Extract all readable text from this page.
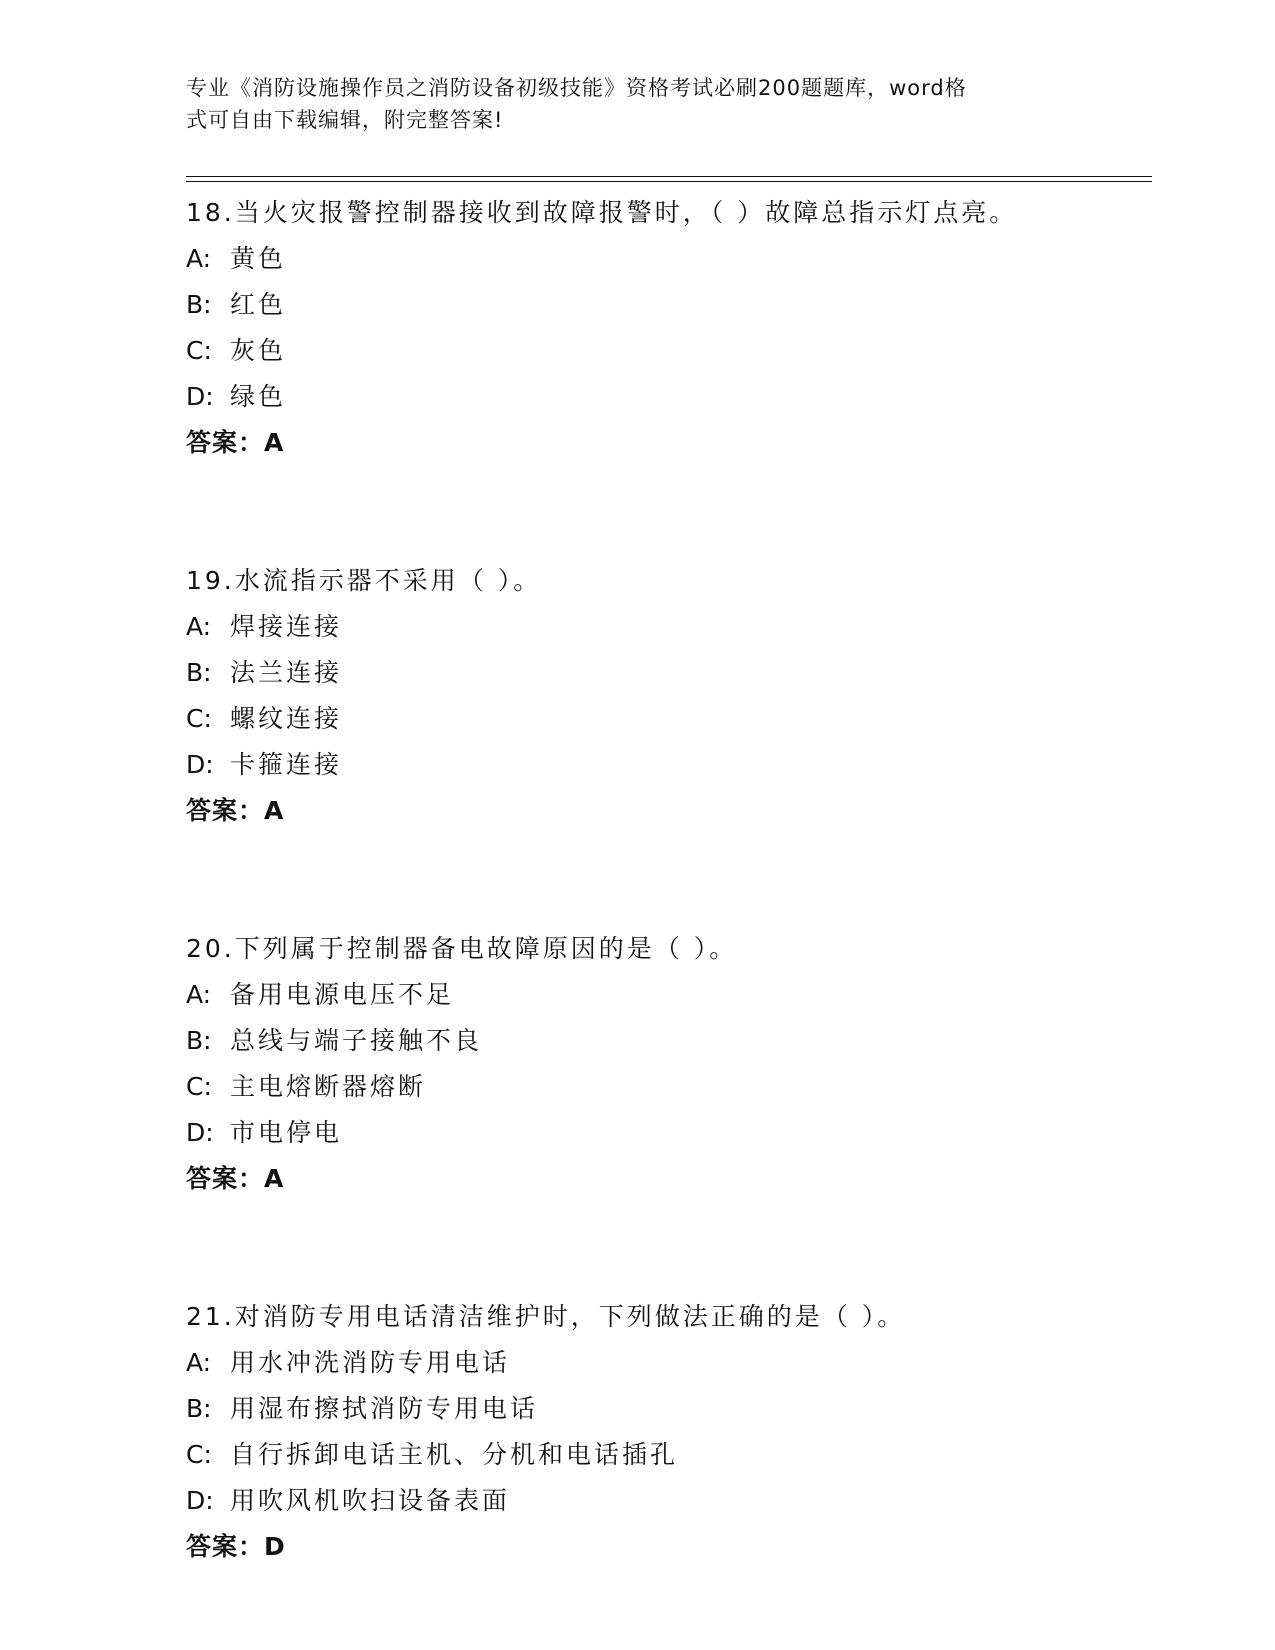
专业《消防设施操作员之消防设备初级技能》资格考试必刷200题题库，word格
式可自由下载编辑，附完整答案!
18.当火灾报警控制器接收到故障报警时，（ ）故障总指示灯点亮。
A: 黄色
B: 红色
C: 灰色
D: 绿色
答案：A
19.水流指示器不采用（ ）。
A: 焊接连接
B: 法兰连接
C: 螺纹连接
D: 卡箍连接
答案：A
20.下列属于控制器备电故障原因的是（ ）。
A: 备用电源电压不足
B: 总线与端子接触不良
C: 主电熔断器熔断
D: 市电停电
答案：A
21.对消防专用电话清洁维护时，下列做法正确的是（ ）。
A: 用水冲洗消防专用电话
B: 用湿布擦拭消防专用电话
C: 自行拆卸电话主机、分机和电话插孔
D: 用吹风机吹扫设备表面
答案：D
